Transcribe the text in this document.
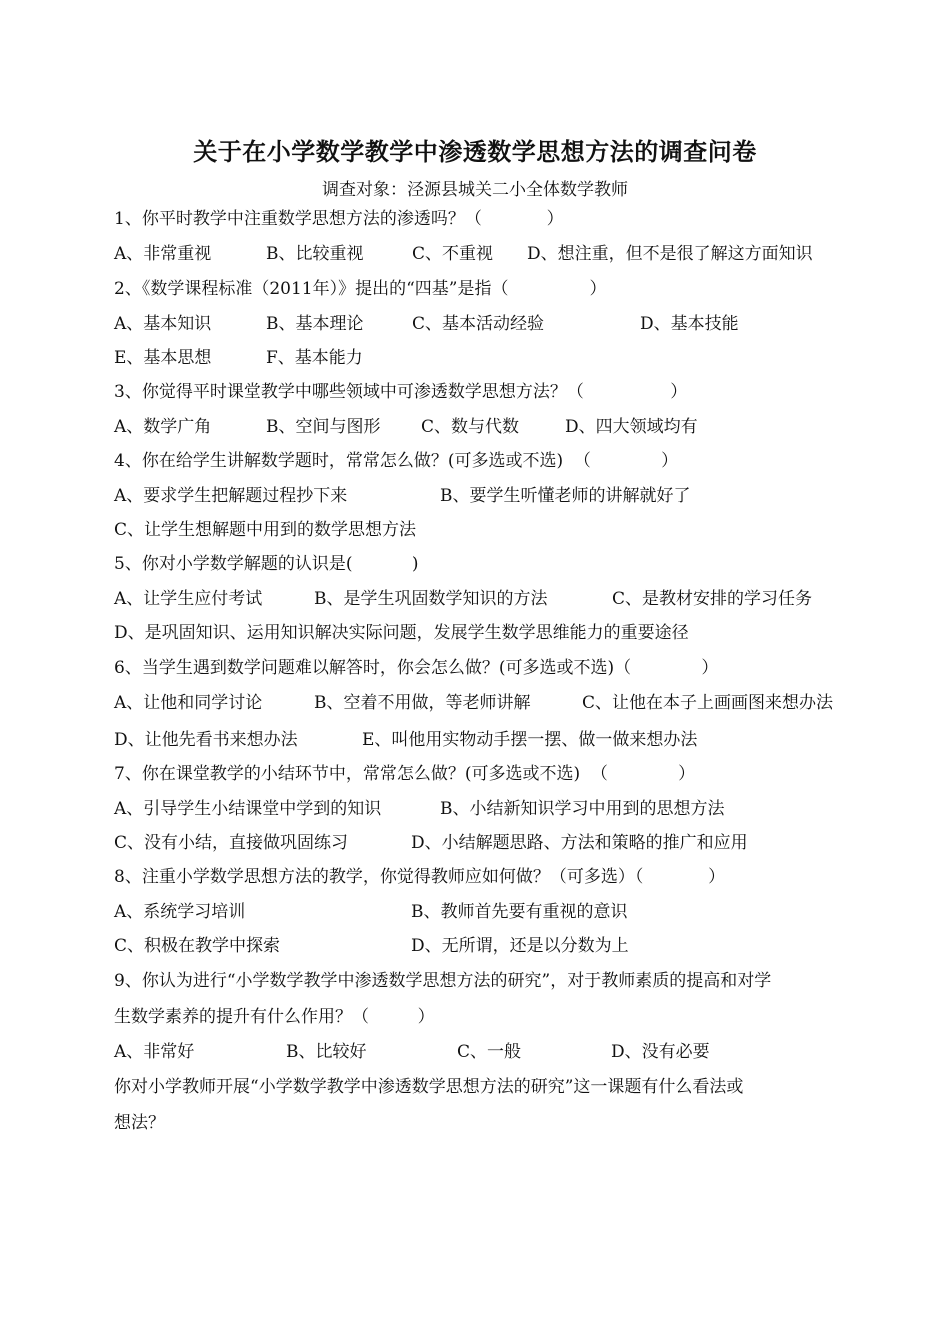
关于在小学数学教学中渗透数学思想方法的调查问卷
调查对象：泾源县城关二小全体数学教师
1、你平时教学中注重数学思想方法的渗透吗？（            ）
A、非常重视	B、比较重视	C、不重视 D、想注重，但不是很了解这方面知识
2、《数学课程标准（2011年）》提出的“四基”是指（               ）
A、基本知识	B、基本理论	C、基本活动经验	D、基本技能
E、基本思想	F、基本能力
3、你觉得平时课堂教学中哪些领域中可渗透数学思想方法？（                ）
A、数学广角	B、空间与图形 C、数与代数	D、四大领域均有
4、你在给学生讲解数学题时，常常怎么做？(可多选或不选)  （             ）
A、要求学生把解题过程抄下来	B、要学生听懂老师的讲解就好了
C、让学生想解题中用到的数学思想方法
5、你对小学数学解题的认识是(           )
A、让学生应付考试	B、是学生巩固数学知识的方法	C、是教材安排的学习任务
D、是巩固知识、运用知识解决实际问题，发展学生数学思维能力的重要途径
6、当学生遇到数学问题难以解答时，你会怎么做？(可多选或不选)（             ）
A、让他和同学讨论	B、空着不用做，等老师讲解	C、让他在本子上画画图来想办法
D、让他先看书来想办法	E、叫他用实物动手摆一摆、做一做来想办法
7、你在课堂教学的小结环节中，常常怎么做？(可多选或不选)  （             ）
A、引导学生小结课堂中学到的知识	B、小结新知识学习中用到的思想方法
C、没有小结，直接做巩固练习	D、小结解题思路、方法和策略的推广和应用
8、注重小学数学思想方法的教学，你觉得教师应如何做？（可多选）（            ）
A、系统学习培训	B、教师首先要有重视的意识
C、积极在教学中探索	D、无所谓，还是以分数为上
9、你认为进行“小学数学教学中渗透数学思想方法的研究”，对于教师素质的提高和对学
生数学素养的提升有什么作用？（         ）
A、非常好	B、比较好	C、一般	D、没有必要
你对小学教师开展“小学数学教学中渗透数学思想方法的研究”这一课题有什么看法或
想法？
